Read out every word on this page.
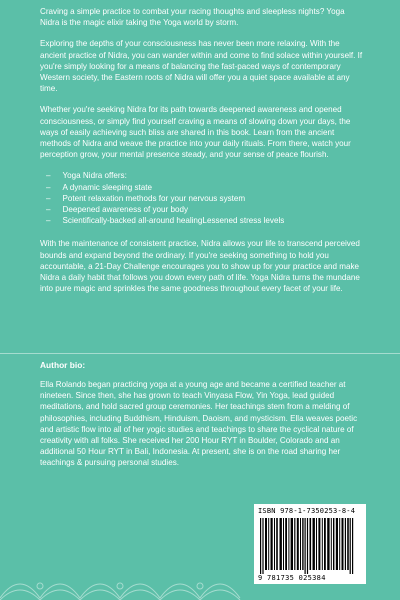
Craving a simple practice to combat your racing thoughts and sleepless nights? Yoga Nidra is the magic elixir taking the Yoga world by storm.

Exploring the depths of your consciousness has never been more relaxing. With the ancient practice of Nidra, you can wander within and come to find solace within yourself. If you're simply looking for a means of balancing the fast-paced ways of contemporary Western society, the Eastern roots of Nidra will offer you a quiet space available at any time.

Whether you're seeking Nidra for its path towards deepened awareness and opened consciousness, or simply find yourself craving a means of slowing down your days, the ways of easily achieving such bliss are shared in this book. Learn from the ancient methods of Nidra and weave the practice into your daily rituals. From there, watch your perception grow, your mental presence steady, and your sense of peace flourish.

– Yoga Nidra offers:
– A dynamic sleeping state
– Potent relaxation methods for your nervous system
– Deepened awareness of your body
– Scientifically-backed all-around healingLessened stress levels

With the maintenance of consistent practice, Nidra allows your life to transcend perceived bounds and expand beyond the ordinary. If you're seeking something to hold you accountable, a 21-Day Challenge encourages you to show up for your practice and make Nidra a daily habit that follows you down every path of life. Yoga Nidra turns the mundane into pure magic and sprinkles the same goodness throughout every facet of your life.

Author bio:

Ella Rolando began practicing yoga at a young age and became a certified teacher at nineteen. Since then, she has grown to teach Vinyasa Flow, Yin Yoga, lead guided meditations, and hold sacred group ceremonies. Her teachings stem from a melding of philosophies, including Buddhism, Hinduism, Daoism, and mysticism. Ella weaves poetic and artistic flow into all of her yogic studies and teachings to share the cyclical nature of creativity with all folks. She received her 200 Hour RYT in Boulder, Colorado and an additional 50 Hour RYT in Bali, Indonesia. At present, she is on the road sharing her teachings & pursuing personal studies.

ISBN 978-1-7350253-8-4
9 781735 025384
